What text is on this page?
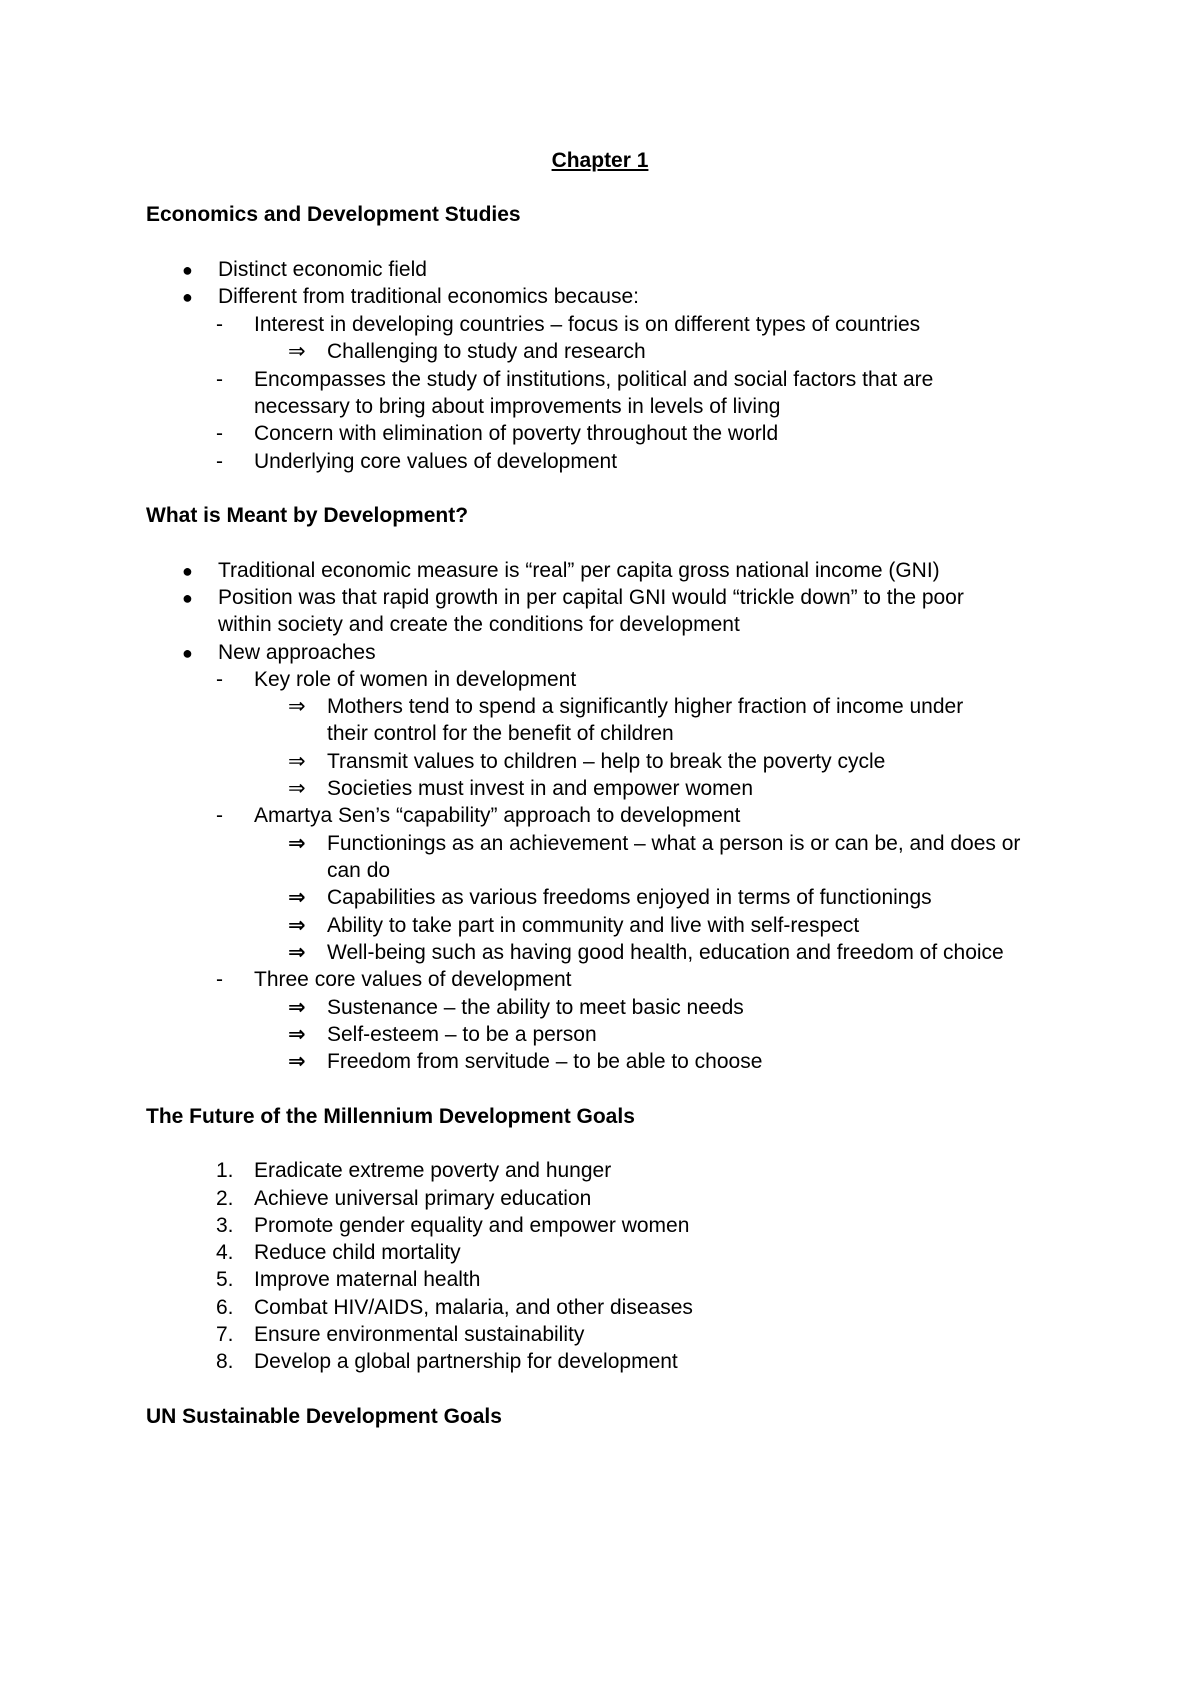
Chapter 1
Economics and Development Studies
● Distinct economic field
● Different from traditional economics because:
- Interest in developing countries – focus is on different types of countries
⇒ Challenging to study and research
- Encompasses the study of institutions, political and social factors that are
necessary to bring about improvements in levels of living
- Concern with elimination of poverty throughout the world
- Underlying core values of development
What is Meant by Development?
● Traditional economic measure is “real” per capita gross national income (GNI)
● Position was that rapid growth in per capital GNI would “trickle down” to the poor
within society and create the conditions for development
● New approaches
- Key role of women in development
⇒ Mothers tend to spend a significantly higher fraction of income under
their control for the benefit of children
⇒ Transmit values to children – help to break the poverty cycle
⇒ Societies must invest in and empower women
- Amartya Sen’s “capability” approach to development
⇒ Functionings as an achievement – what a person is or can be, and does or
can do
⇒ Capabilities as various freedoms enjoyed in terms of functionings
⇒ Ability to take part in community and live with self-respect
⇒ Well-being such as having good health, education and freedom of choice
- Three core values of development
⇒ Sustenance – the ability to meet basic needs
⇒ Self-esteem – to be a person
⇒ Freedom from servitude – to be able to choose
The Future of the Millennium Development Goals
1. Eradicate extreme poverty and hunger
2. Achieve universal primary education
3. Promote gender equality and empower women
4. Reduce child mortality
5. Improve maternal health
6. Combat HIV/AIDS, malaria, and other diseases
7. Ensure environmental sustainability
8. Develop a global partnership for development
UN Sustainable Development Goals
